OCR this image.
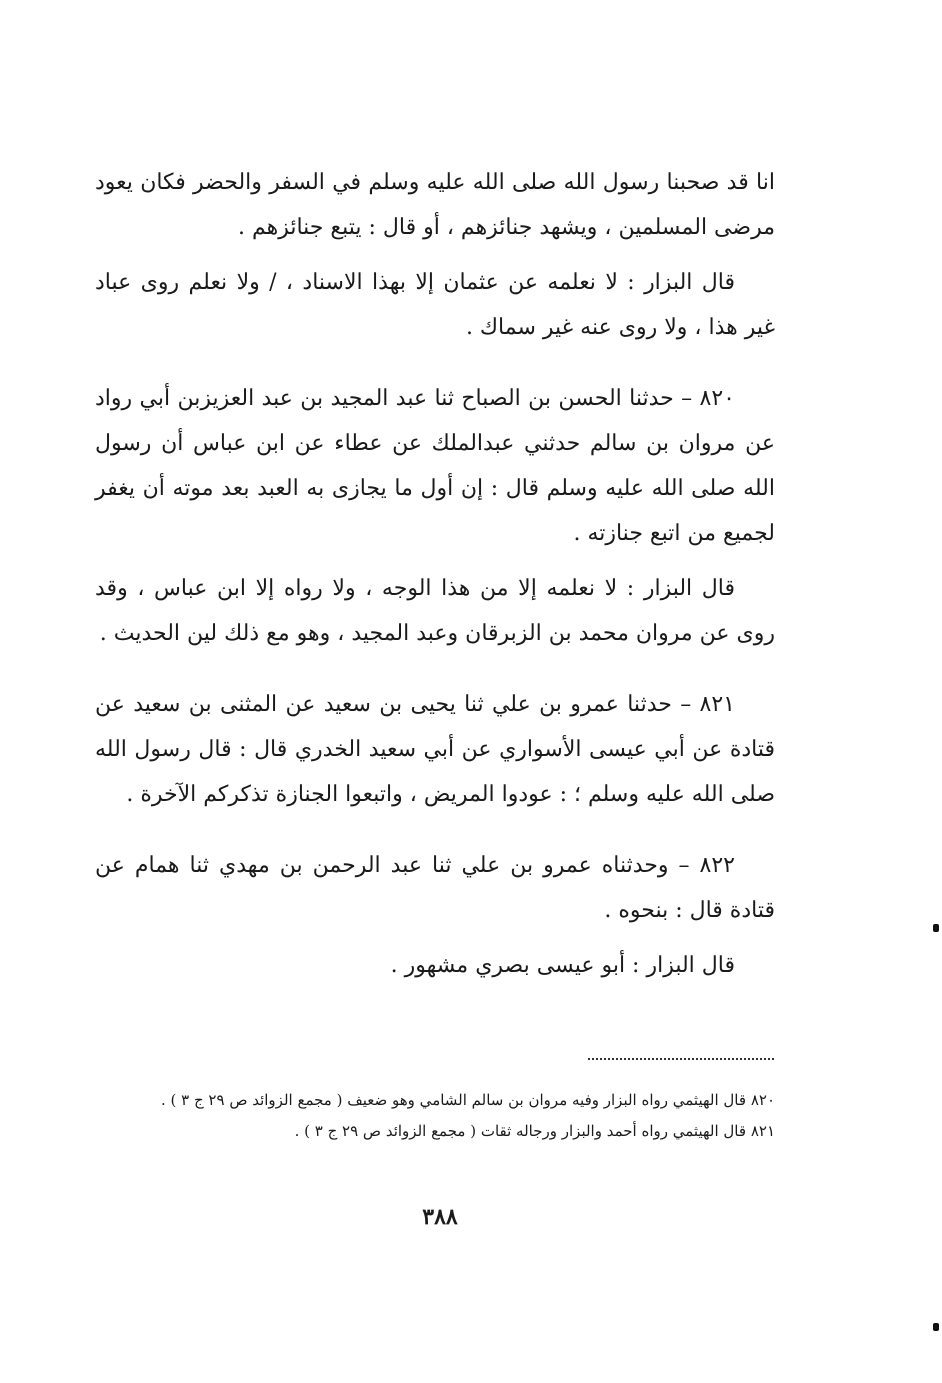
انا قد صحبنا رسول الله صلى الله عليه وسلم في السفر والحضر فكان يعود مرضى المسلمين ، ويشهد جنائزهم ، أو قال : يتبع جنائزهم .

قال البزار : لا نعلمه عن عثمان إلا بهذا الاسناد ، / ولا نعلم روى عباد غير هذا ، ولا روى عنه غير سماك .

٨٢٠ – حدثنا الحسن بن الصباح ثنا عبد المجيد بن عبد العزيزبن أبي رواد عن مروان بن سالم حدثني عبدالملك عن عطاء عن ابن عباس أن رسول الله صلى الله عليه وسلم قال : إن أول ما يجازى به العبد بعد موته أن يغفر لجميع من اتبع جنازته .

قال البزار : لا نعلمه إلا من هذا الوجه ، ولا رواه إلا ابن عباس ، وقد روى عن مروان محمد بن الزبرقان وعبد المجيد ، وهو مع ذلك لين الحديث .

٨٢١ – حدثنا عمرو بن علي ثنا يحيى بن سعيد عن المثنى بن سعيد عن قتادة عن أبي عيسى الأسواري عن أبي سعيد الخدري قال : قال رسول الله صلى الله عليه وسلم ؛ : عودوا المريض ، واتبعوا الجنازة تذكركم الآخرة .

٨٢٢ – وحدثناه عمرو بن علي ثنا عبد الرحمن بن مهدي ثنا همام عن قتادة قال : بنحوه .

قال البزار : أبو عيسى بصري مشهور .

٨٢٠ قال الهيثمي رواه البزار وفيه مروان بن سالم الشامي وهو ضعيف ( مجمع الزوائد ص ٢٩ ج ٣ ) .

٨٢١ قال الهيثمي رواه أحمد والبزار ورجاله ثقات ( مجمع الزوائد ص ٢٩ ج ٣ ) .

٣٨٨
